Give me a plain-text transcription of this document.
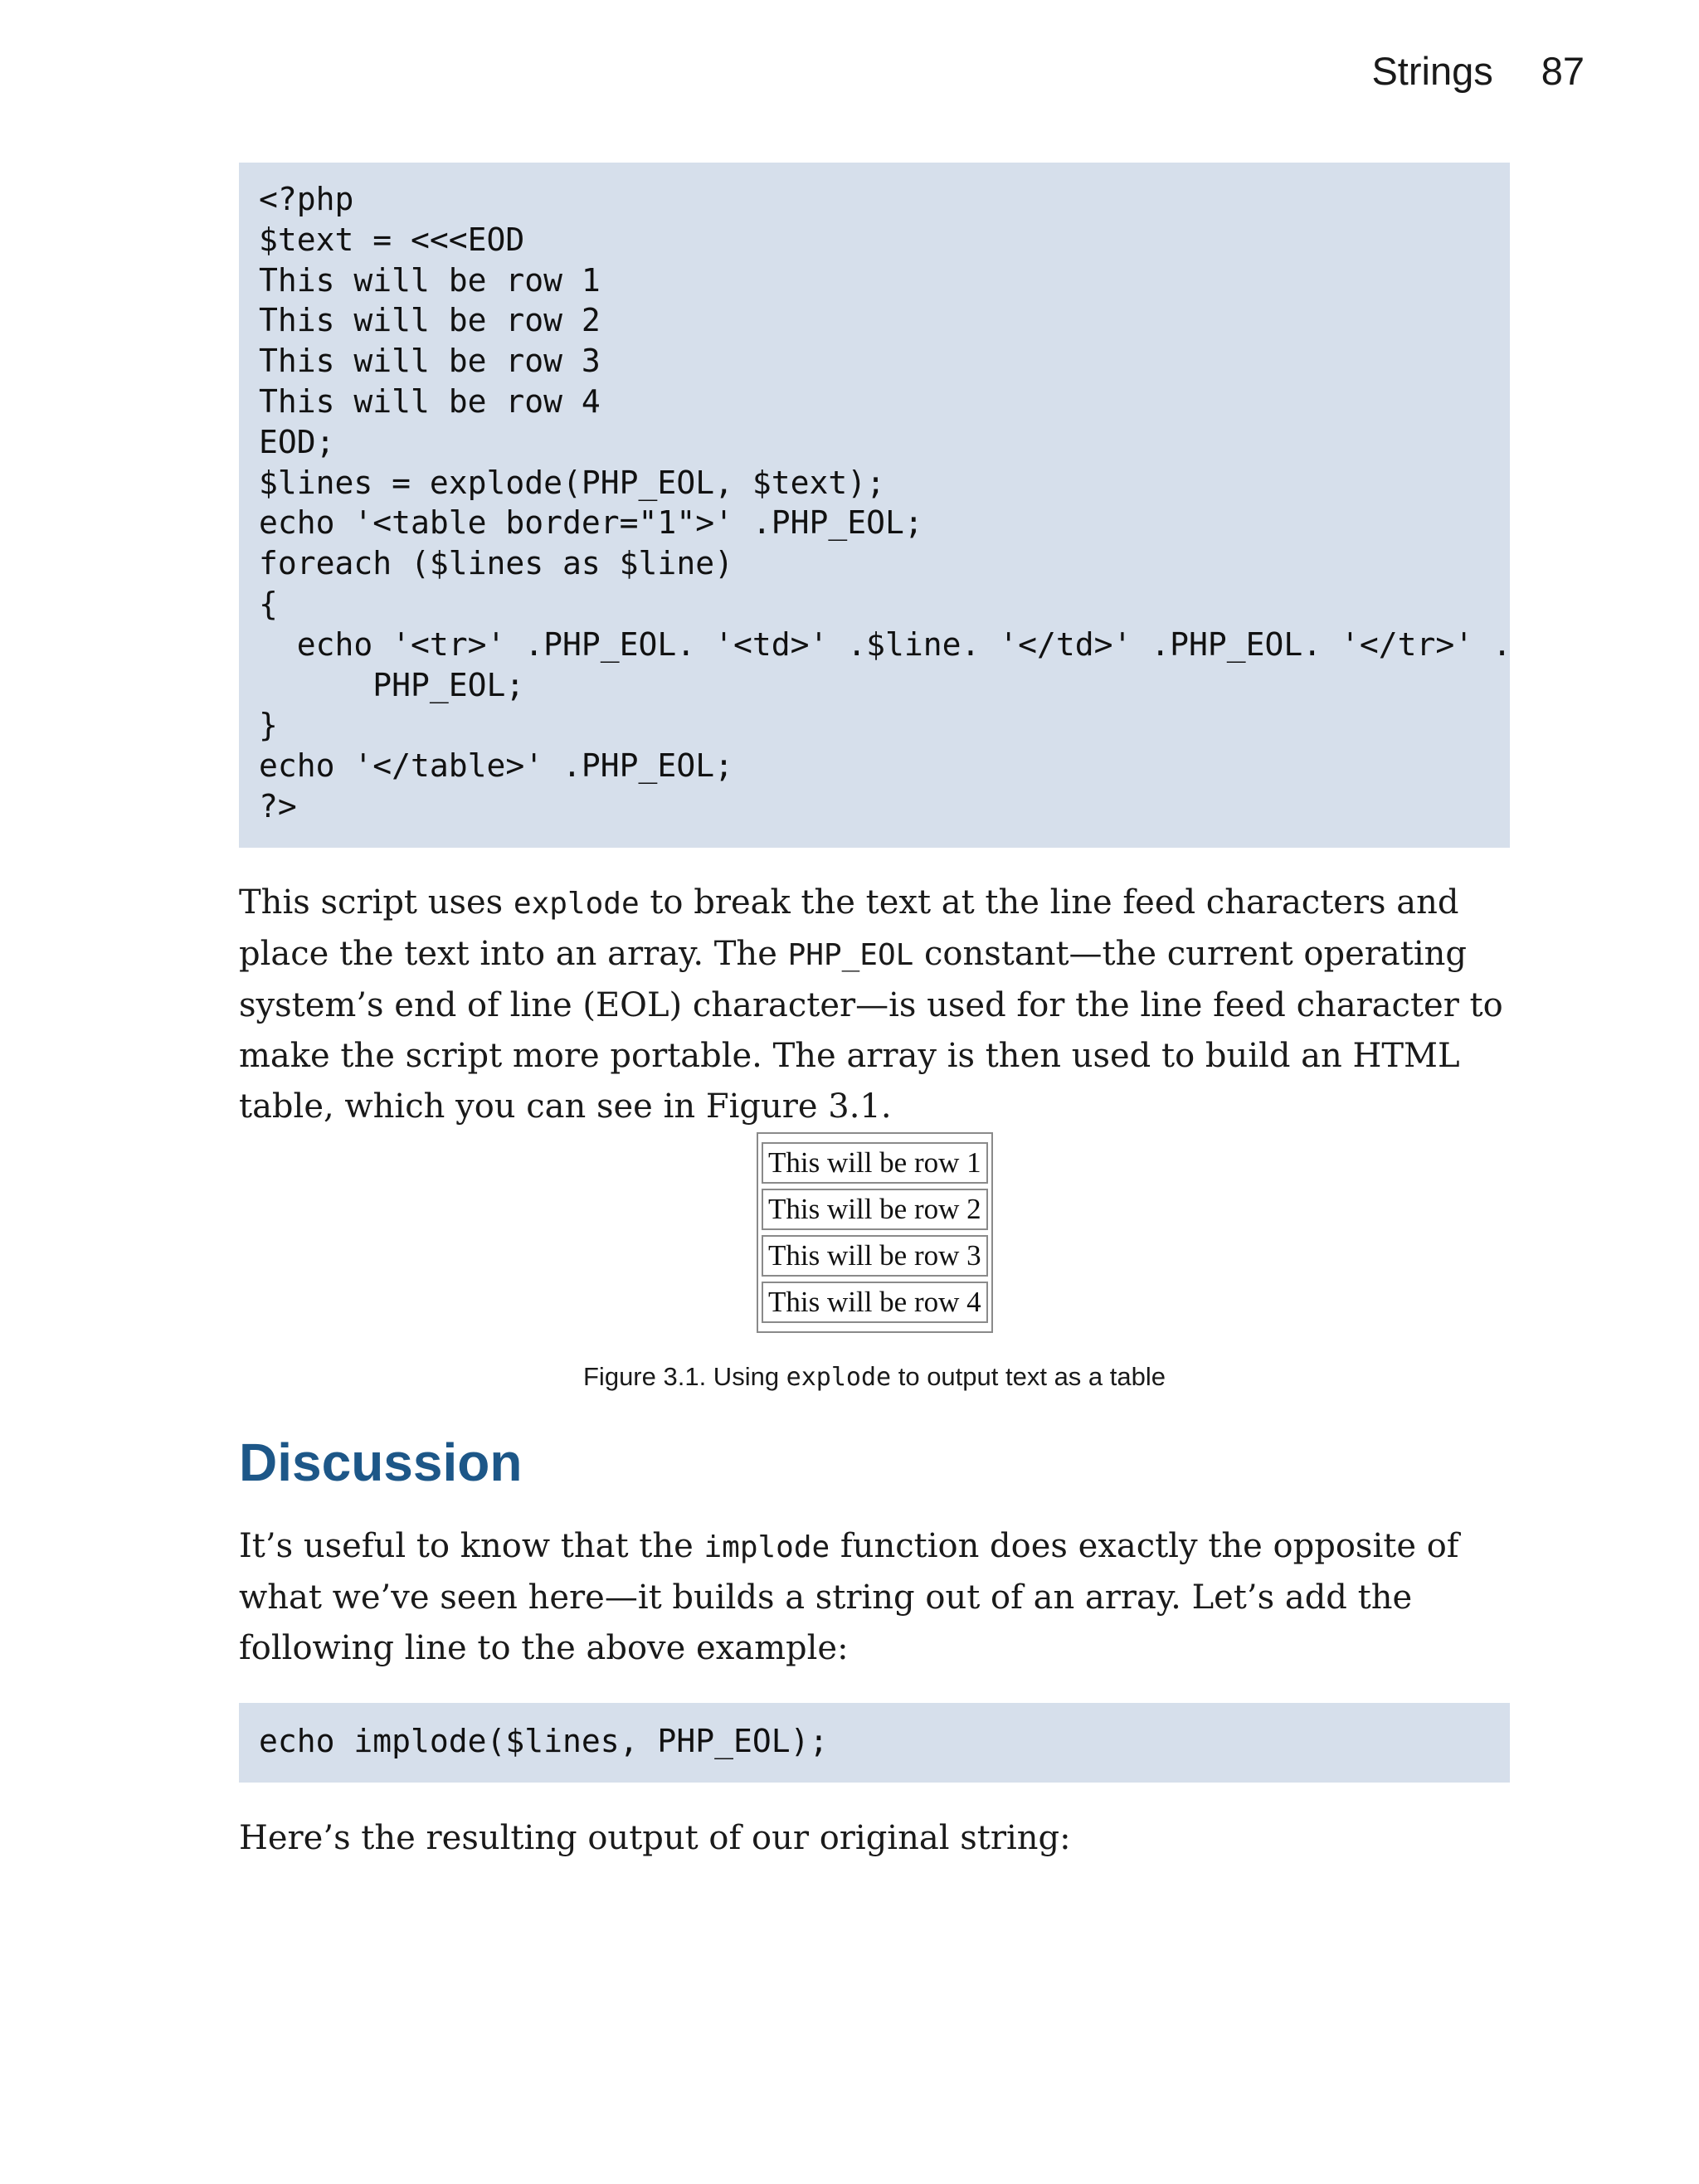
Strings 87
<?php
$text = <<<EOD
This will be row 1
This will be row 2
This will be row 3
This will be row 4
EOD;
$lines = explode(PHP_EOL, $text);
echo '<table border="1">' .PHP_EOL;
foreach ($lines as $line)
{
echo '<tr>' .PHP_EOL. '<td>' .$line. '</td>' .PHP_EOL. '</tr>' .
PHP_EOL;
}
echo '</table>' .PHP_EOL;
?>

This script uses explode to break the text at the line feed characters and place the text into an array. The PHP_EOL constant—the current operating system’s end of line (EOL) character—is used for the line feed character to make the script more portable. The array is then used to build an HTML table, which you can see in Figure 3.1.

This will be row 1
This will be row 2
This will be row 3
This will be row 4
Figure 3.1. Using explode to output text as a table
Discussion

It’s useful to know that the implode function does exactly the opposite of what we’ve seen here—it builds a string out of an array. Let’s add the following line to the above example:

echo implode($lines, PHP_EOL);

Here’s the resulting output of our original string:
